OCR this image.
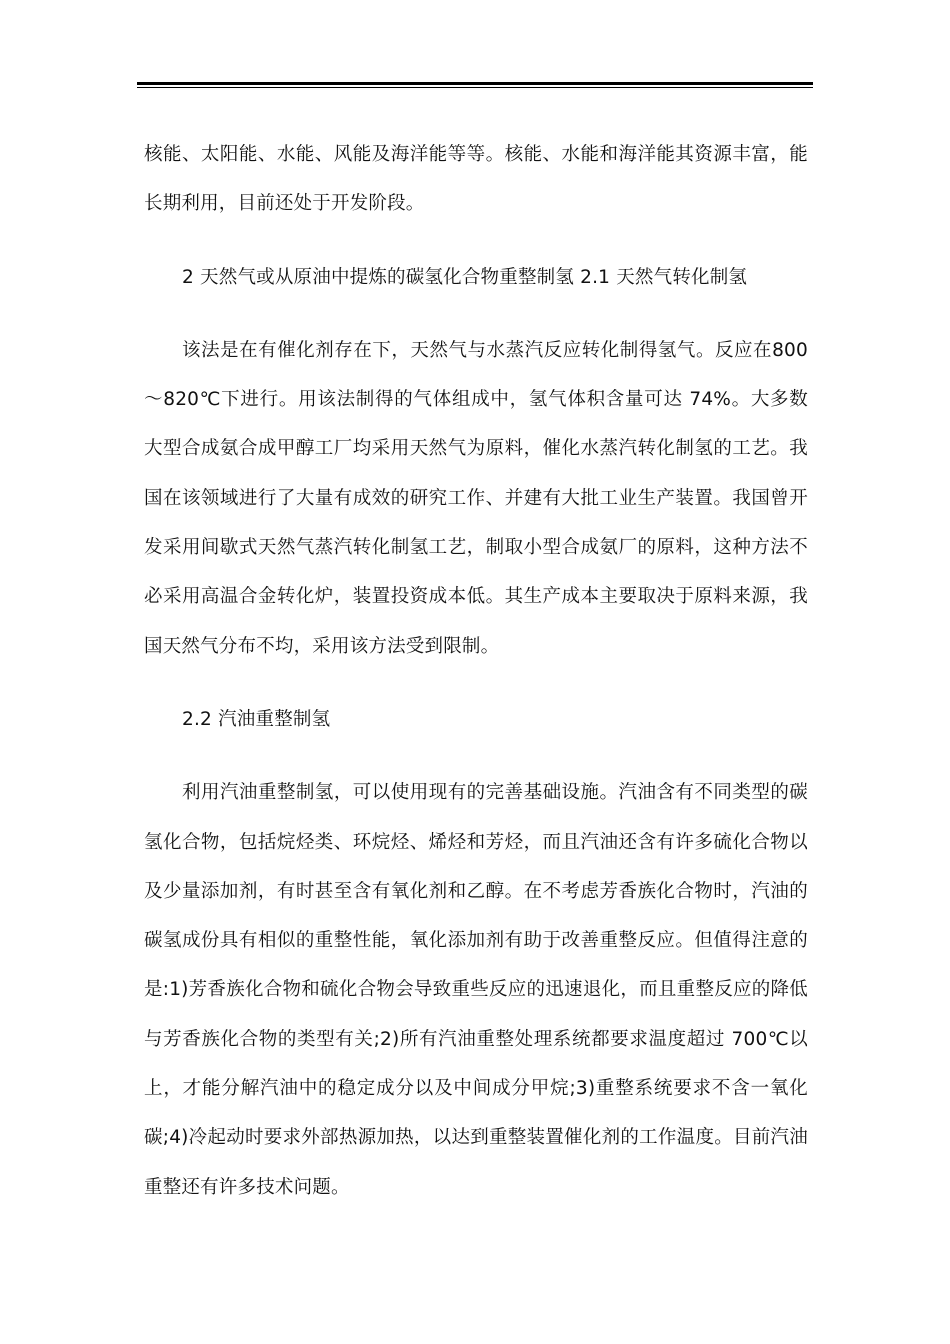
核能、太阳能、水能、风能及海洋能等等。核能、水能和海洋能其资源丰富，能长期利用，目前还处于开发阶段。

2 天然气或从原油中提炼的碳氢化合物重整制氢 2.1 天然气转化制氢

该法是在有催化剂存在下，天然气与水蒸汽反应转化制得氢气。反应在800～820℃下进行。用该法制得的气体组成中，氢气体积含量可达 74%。大多数大型合成氨合成甲醇工厂均采用天然气为原料，催化水蒸汽转化制氢的工艺。我国在该领域进行了大量有成效的研究工作、并建有大批工业生产装置。我国曾开发采用间歇式天然气蒸汽转化制氢工艺，制取小型合成氨厂的原料，这种方法不必采用高温合金转化炉，装置投资成本低。其生产成本主要取决于原料来源，我国天然气分布不均，采用该方法受到限制。

2.2 汽油重整制氢

利用汽油重整制氢，可以使用现有的完善基础设施。汽油含有不同类型的碳氢化合物，包括烷烃类、环烷烃、烯烃和芳烃，而且汽油还含有许多硫化合物以及少量添加剂，有时甚至含有氧化剂和乙醇。在不考虑芳香族化合物时，汽油的碳氢成份具有相似的重整性能，氧化添加剂有助于改善重整反应。但值得注意的是:1)芳香族化合物和硫化合物会导致重些反应的迅速退化，而且重整反应的降低与芳香族化合物的类型有关;2)所有汽油重整处理系统都要求温度超过 700℃以上，才能分解汽油中的稳定成分以及中间成分甲烷;3)重整系统要求不含一氧化碳;4)冷起动时要求外部热源加热，以达到重整装置催化剂的工作温度。目前汽油重整还有许多技术问题。
